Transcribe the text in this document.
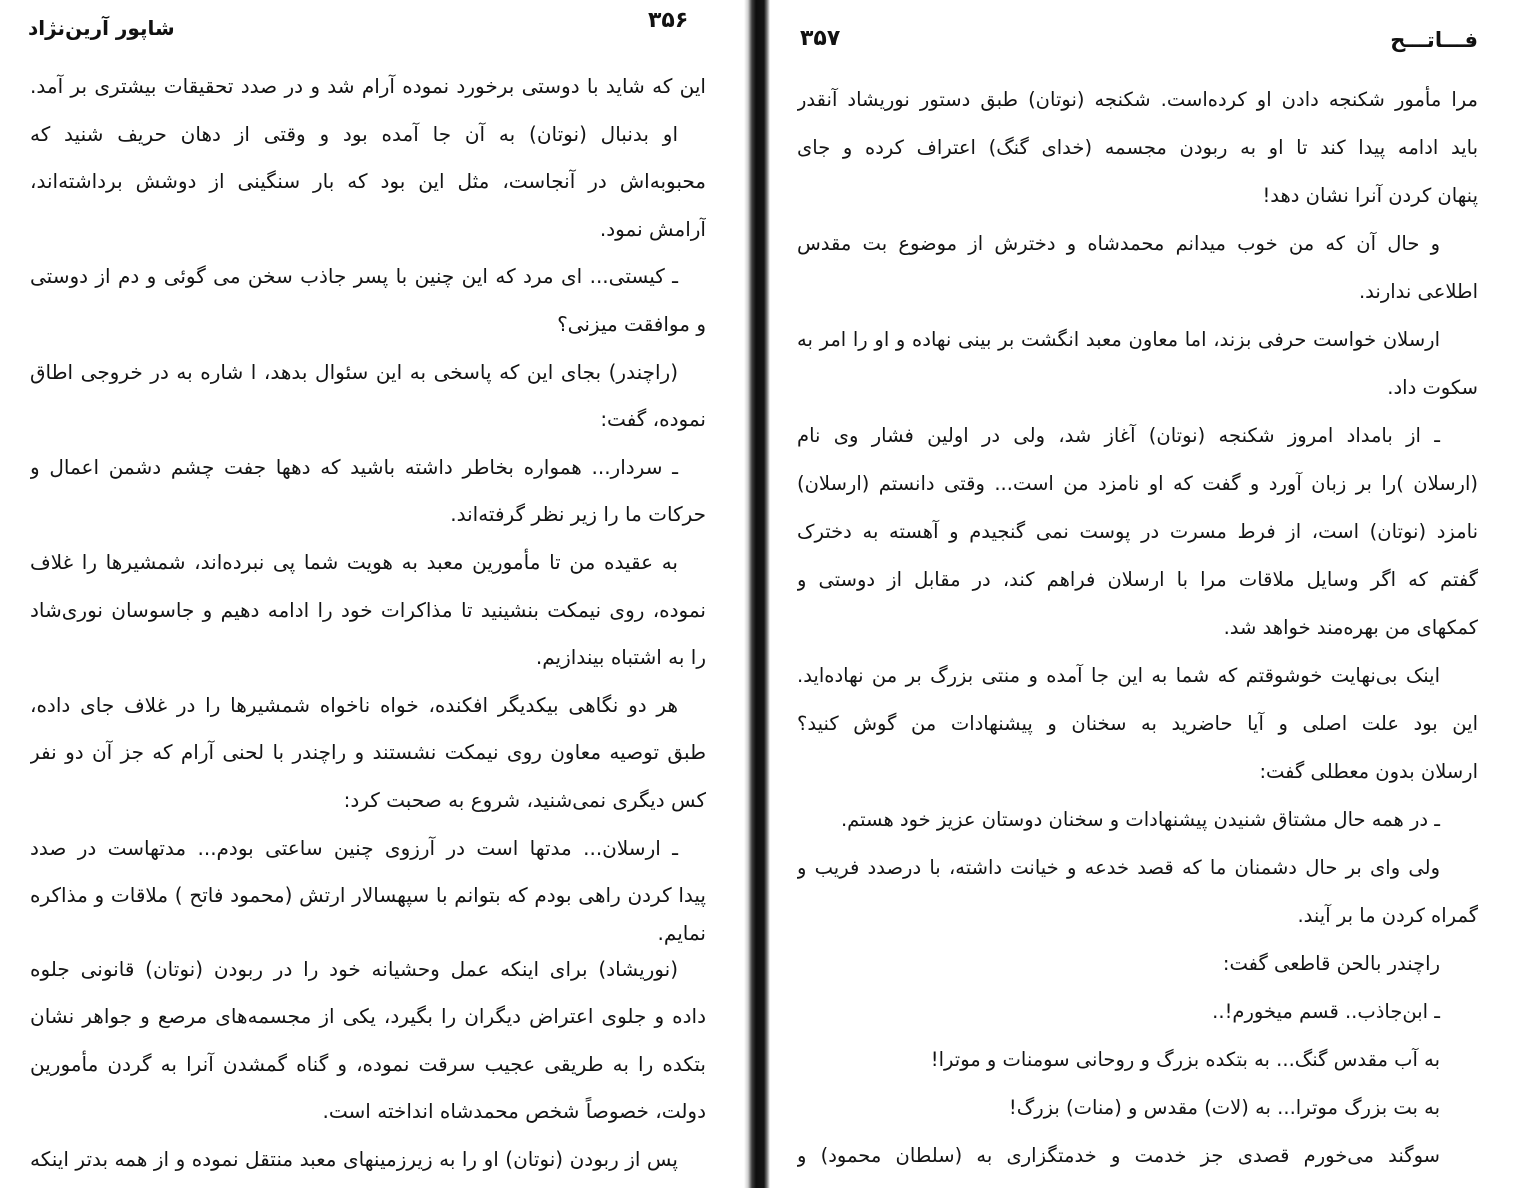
شاپور آرین‌نژاد	۳۵۶
این که شاید با دوستی برخورد نموده آرام شد و در صدد تحقیقات بیشتری بر آمد.
او بدنبال (نوتان) به آن جا آمده بود و وقتی از دهان حریف شنید که
محبوبه‌اش در آنجاست، مثل این بود که بار سنگینی از دوشش برداشته‌اند،
آرامش نمود.
ـ کیستی... ای مرد که این چنین با پسر جاذب سخن می گوئی و دم از دوستی
و موافقت میزنی؟
(راچندر) بجای این که پاسخی به این سئوال بدهد، ا شاره به در خروجی اطاق
نموده، گفت:
ـ سردار... همواره بخاطر داشته باشید که دهها جفت چشم دشمن اعمال و
حرکات ما را زیر نظر گرفته‌اند.
به عقیده من تا مأمورین معبد به هویت شما پی نبرده‌اند، شمشیرها را غلاف
نموده، روی نیمکت بنشینید تا مذاکرات خود را ادامه دهیم و جاسوسان نوری‌شاد
را به اشتباه بیندازیم.
هر دو نگاهی بیکدیگر افکنده، خواه ناخواه شمشیرها را در غلاف جای داده،
طبق توصیه معاون روی نیمکت نشستند و راچندر با لحنی آرام که جز آن دو نفر
کس دیگری نمی‌شنید، شروع به صحبت کرد:
ـ ارسلان... مدتها است در آرزوی چنین ساعتی بودم... مدتهاست در صدد
پیدا کردن راهی بودم که بتوانم با سپهسالار ارتش (محمود فاتح ) ملاقات و مذاکره
نمایم.
(نوریشاد) برای اینکه عمل وحشیانه خود را در ربودن (نوتان) قانونی جلوه
داده و جلوی اعتراض دیگران را بگیرد، یکی از مجسمه‌های مرصع و جواهر نشان
بتکده را به طریقی عجیب سرقت نموده، و گناه گمشدن آنرا به گردن مأمورین
دولت، خصوصاً شخص محمدشاه انداخته است.
پس از ربودن (نوتان) او را به زیرزمینهای معبد منتقل نموده و از همه بدتر اینکه
فـــاتـــح
۳۵۷
مرا مأمور شکنجه دادن او کرده‌است. شکنجه (نوتان) طبق دستور نوریشاد آنقدر
باید ادامه پیدا کند تا او به ربودن مجسمه (خدای گنگ) اعتراف کرده و جای
پنهان کردن آنرا نشان دهد!
و حال آن که من خوب میدانم محمدشاه و دخترش از موضوع بت مقدس
اطلاعی ندارند.
ارسلان خواست حرفی بزند، اما معاون معبد انگشت بر بینی نهاده و او را امر به
سکوت داد.
ـ از بامداد امروز شکنجه (نوتان) آغاز شد، ولی در اولین فشار وی نام
(ارسلان )را بر زبان آورد و گفت که او نامزد من است... وقتی دانستم (ارسلان)
نامزد (نوتان) است، از فرط مسرت در پوست نمی گنجیدم و آهسته به دخترک
گفتم که اگر وسایل ملاقات مرا با ارسلان فراهم کند، در مقابل از دوستی و
کمکهای من بهره‌مند خواهد شد.
اینک بی‌نهایت خوشوقتم که شما به این جا آمده و منتی بزرگ بر من نهاده‌اید.
این بود علت اصلی و آیا حاضرید به سخنان و پیشنهادات من گوش کنید؟
ارسلان بدون معطلی گفت:
ـ در همه حال مشتاق شنیدن پیشنهادات و سخنان دوستان عزیز خود هستم.
ولی وای بر حال دشمنان ما که قصد خدعه و خیانت داشته، با درصدد فریب و
گمراه کردن ما بر آیند.
راچندر بالحن قاطعی گفت:
ـ ابن‌جاذب.. قسم میخورم!..
به آب مقدس گنگ... به بتکده بزرگ و روحانی سومنات و موترا!
به بت بزرگ موترا... به (لات) مقدس و (منات) بزرگ!
سوگند می‌خورم قصدی جز خدمت و خدمتگزاری به (سلطان محمود) و
